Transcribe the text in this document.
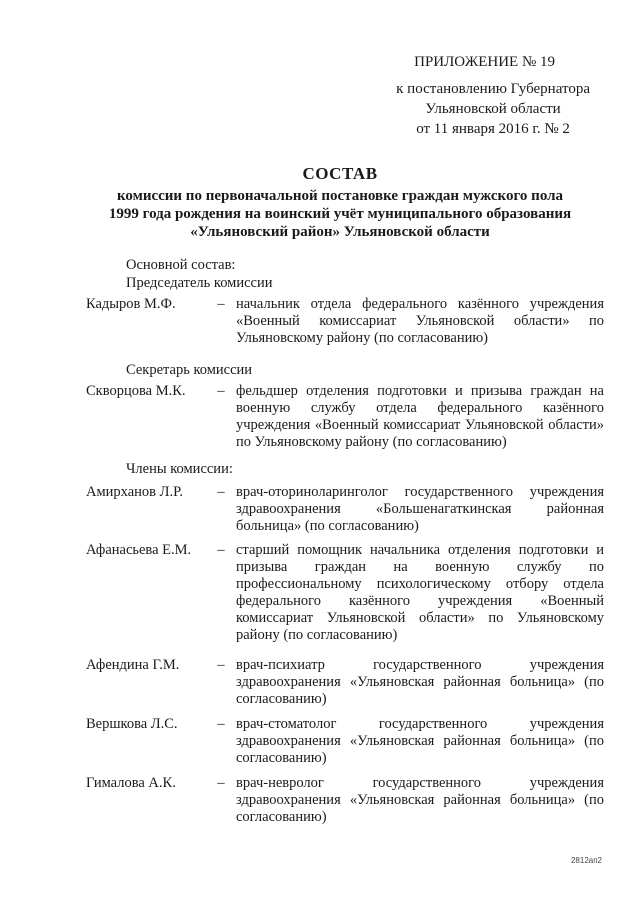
ПРИЛОЖЕНИЕ № 19
к постановлению Губернатора
Ульяновской области
от 11 января 2016 г. № 2
СОСТАВ
комиссии по первоначальной постановке граждан мужского пола
1999 года рождения на воинский учёт муниципального образования
«Ульяновский район» Ульяновской области
Основной состав:
Председатель комиссии
Кадыров М.Ф.	– начальник отдела федерального казённого учреждения «Военный комиссариат Ульяновской области» по Ульяновскому району (по согласованию)
Секретарь комиссии
Скворцова М.К.	– фельдшер отделения подготовки и призыва граждан на военную службу отдела федерального казённого учреждения «Военный комиссариат Ульяновской области» по Ульяновскому району (по согласованию)
Члены комиссии:
Амирханов Л.Р.	– врач-оториноларинголог государственного учреждения здравоохранения «Большенагаткинская районная больница» (по согласованию)
Афанасьева Е.М.	– старший помощник начальника отделения подготовки и призыва граждан на военную службу по профессиональному психологическому отбору отдела федерального казённого учреждения «Военный комиссариат Ульяновской области» по Ульяновскому району (по согласованию)
Афендина Г.М.	– врач-психиатр государственного учреждения здравоохранения «Ульяновская районная больница» (по согласованию)
Вершкова Л.С.	– врач-стоматолог государственного учреждения здравоохранения «Ульяновская районная больница» (по согласованию)
Гималова А.К.	– врач-невролог государственного учреждения здравоохранения «Ульяновская районная больница» (по согласованию)
2812ап2
